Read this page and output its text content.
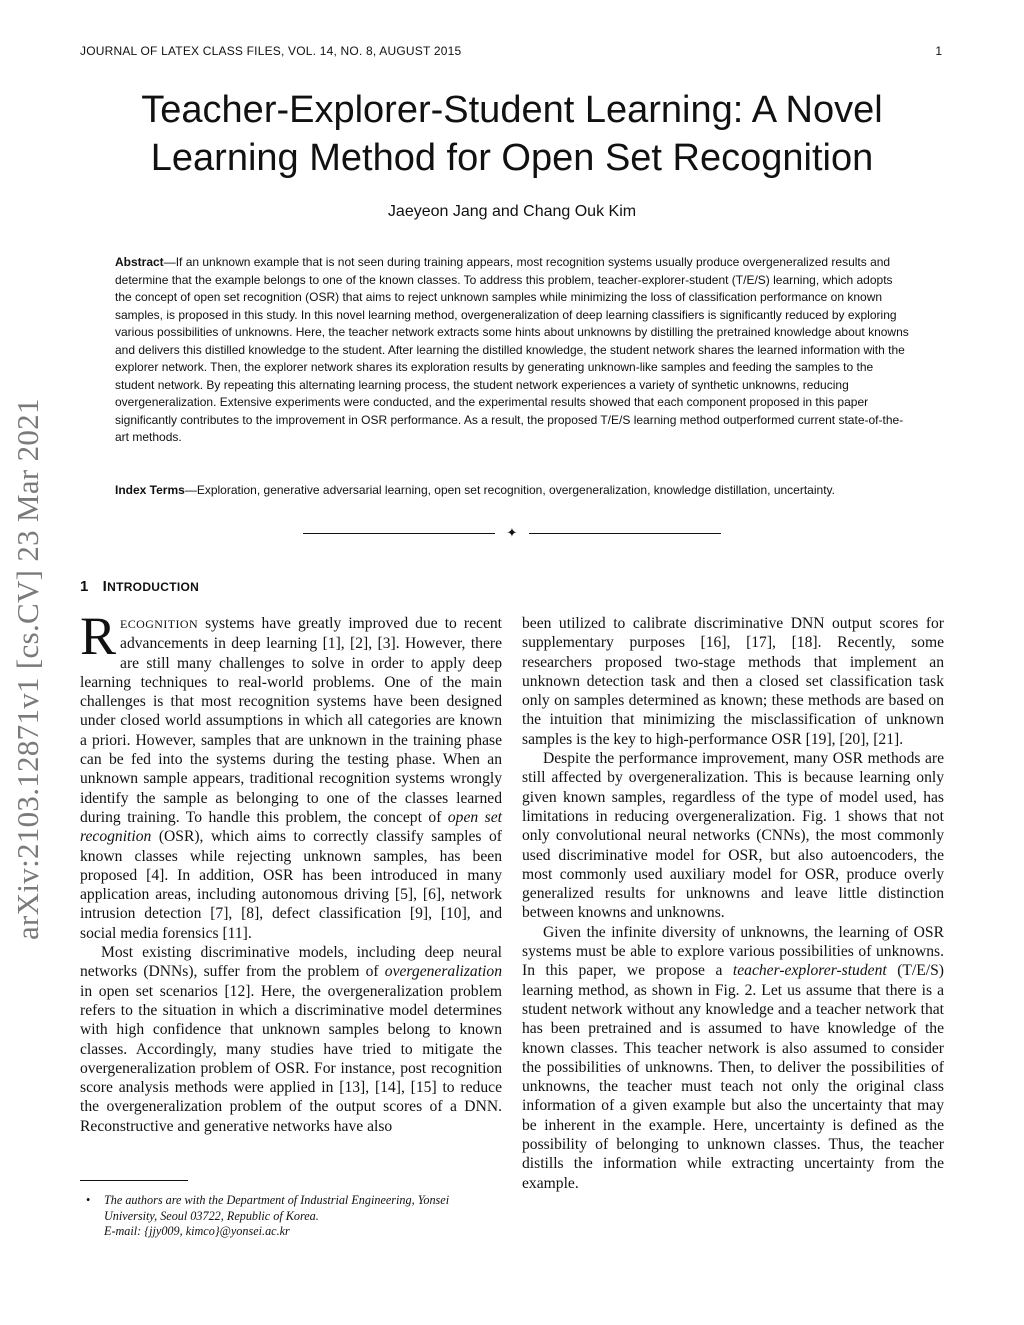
JOURNAL OF LATEX CLASS FILES, VOL. 14, NO. 8, AUGUST 2015	1
Teacher-Explorer-Student Learning: A Novel
Learning Method for Open Set Recognition
Jaeyeon Jang and Chang Ouk Kim

Abstract—If an unknown example that is not seen during training appears, most recognition systems usually produce overgeneralized results and determine that the example belongs to one of the known classes. To address this problem, teacher-explorer-student (T/E/S) learning, which adopts the concept of open set recognition (OSR) that aims to reject unknown samples while minimizing the loss of classification performance on known samples, is proposed in this study. In this novel learning method, overgeneralization of deep learning classifiers is significantly reduced by exploring various possibilities of unknowns. Here, the teacher network extracts some hints about unknowns by distilling the pretrained knowledge about knowns and delivers this distilled knowledge to the student. After learning the distilled knowledge, the student network shares the learned information with the explorer network. Then, the explorer network shares its exploration results by generating unknown-like samples and feeding the samples to the student network. By repeating this alternating learning process, the student network experiences a variety of synthetic unknowns, reducing overgeneralization. Extensive experiments were conducted, and the experimental results showed that each component proposed in this paper significantly contributes to the improvement in OSR performance. As a result, the proposed T/E/S learning method outperformed current state-of-the-art methods.

Index Terms—Exploration, generative adversarial learning, open set recognition, overgeneralization, knowledge distillation, uncertainty.

✦
arXiv:2103.12871v1 [cs.CV] 23 Mar 2021 1 INTRODUCTION

RECOGNITION systems have greatly improved due to recent advancements in deep learning [1], [2], [3]. However, there are still many challenges to solve in order to apply deep learning techniques to real-world problems. One of the main challenges is that most recognition systems have been designed under closed world assumptions in which all categories are known a priori. However, samples that are unknown in the training phase can be fed into the systems during the testing phase. When an unknown sample appears, traditional recognition systems wrongly identify the sample as belonging to one of the classes learned during training. To handle this problem, the concept of open set recognition (OSR), which aims to correctly classify samples of known classes while rejecting unknown samples, has been proposed [4]. In addition, OSR has been introduced in many application areas, including autonomous driving [5], [6], network intrusion detection [7], [8], defect classification [9], [10], and social media forensics [11].

Most existing discriminative models, including deep neural networks (DNNs), suffer from the problem of overgeneralization in open set scenarios [12]. Here, the overgeneralization problem refers to the situation in which a discriminative model determines with high confidence that unknown samples belong to known classes. Accordingly, many studies have tried to mitigate the overgeneralization problem of OSR. For instance, post recognition score analysis methods were applied in [13], [14], [15] to reduce the overgeneralization problem of the output scores of a DNN. Reconstructive and generative networks have also

• The authors are with the Department of Industrial Engineering, Yonsei University, Seoul 03722, Republic of Korea.
E-mail: {jjy009, kimco}@yonsei.ac.kr

been utilized to calibrate discriminative DNN output scores for supplementary purposes [16], [17], [18]. Recently, some researchers proposed two-stage methods that implement an unknown detection task and then a closed set classification task only on samples determined as known; these methods are based on the intuition that minimizing the misclassification of unknown samples is the key to high-performance OSR [19], [20], [21].

Despite the performance improvement, many OSR methods are still affected by overgeneralization. This is because learning only given known samples, regardless of the type of model used, has limitations in reducing overgeneralization. Fig. 1 shows that not only convolutional neural networks (CNNs), the most commonly used discriminative model for OSR, but also autoencoders, the most commonly used auxiliary model for OSR, produce overly generalized results for unknowns and leave little distinction between knowns and unknowns.

Given the infinite diversity of unknowns, the learning of OSR systems must be able to explore various possibilities of unknowns. In this paper, we propose a teacher-explorer-student (T/E/S) learning method, as shown in Fig. 2. Let us assume that there is a student network without any knowledge and a teacher network that has been pretrained and is assumed to have knowledge of the known classes. This teacher network is also assumed to consider the possibilities of unknowns. Then, to deliver the possibilities of unknowns, the teacher must teach not only the original class information of a given example but also the uncertainty that may be inherent in the example. Here, uncertainty is defined as the possibility of belonging to unknown classes. Thus, the teacher distills the information while extracting uncertainty from the example.
